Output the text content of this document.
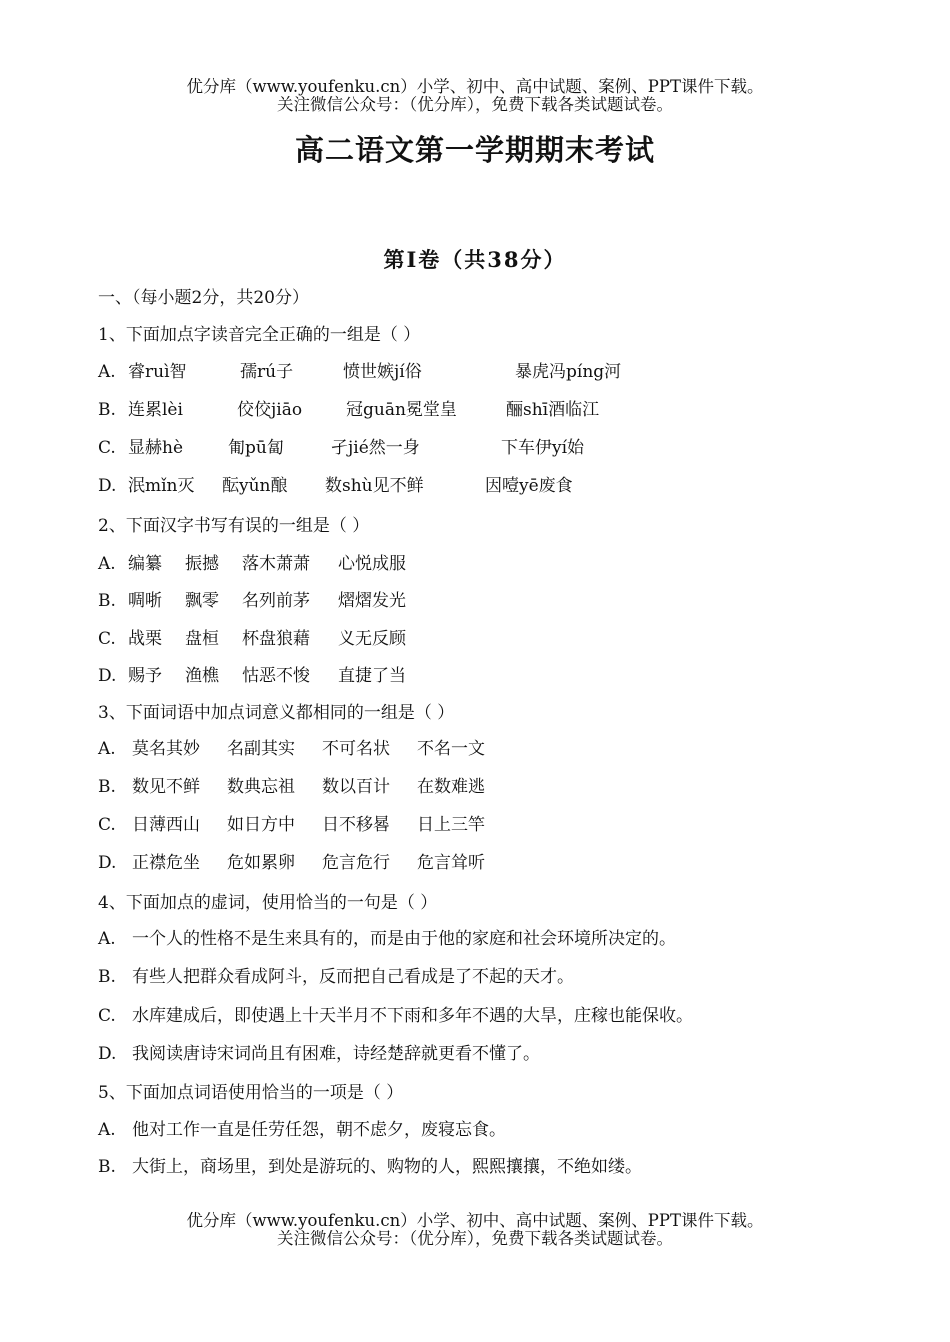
优分库（www.youfenku.cn）小学、初中、高中试题、案例、PPT课件下载。

关注微信公众号：（优分库），免费下载各类试题试卷。

高二语文第一学期期末考试
第Ⅰ卷（共38分）
一、（每小题2分，共20分）
1、下面加点字读音完全正确的一组是（ ）
A. 睿ruì智	孺rú子	愤世嫉jí俗	暴虎冯píng河
B. 连累lèi	佼佼jiāo	冠guān冕堂皇	酾shī酒临江
C. 显赫hè	匍pū匐	孑jié然一身	下车伊yí始
D. 泯mǐn灭 酝yǔn酿 数shù见不鲜	因噎yē废食
2、下面汉字书写有误的一组是（ ）
A. 编纂 振撼 落木萧萧 心悦成服
B. 啁哳 飘零 名列前茅 熠熠发光
C. 战栗 盘桓 杯盘狼藉 义无反顾
D. 赐予 渔樵 怙恶不悛 直捷了当
3、下面词语中加点词意义都相同的一组是（ ）
A. 莫名其妙 名副其实 不可名状 不名一文
B. 数见不鲜 数典忘祖 数以百计 在数难逃
C. 日薄西山 如日方中 日不移晷 日上三竿
D. 正襟危坐 危如累卵 危言危行 危言耸听
4、下面加点的虚词，使用恰当的一句是（ ）
A. 一个人的性格不是生来具有的，而是由于他的家庭和社会环境所决定的。
B. 有些人把群众看成阿斗，反而把自己看成是了不起的天才。
C. 水库建成后，即使遇上十天半月不下雨和多年不遇的大旱，庄稼也能保收。
D. 我阅读唐诗宋词尚且有困难，诗经楚辞就更看不懂了。
5、下面加点词语使用恰当的一项是（ ）
A. 他对工作一直是任劳任怨，朝不虑夕，废寝忘食。
B. 大街上，商场里，到处是游玩的、购物的人，熙熙攘攘，不绝如缕。

优分库（www.youfenku.cn）小学、初中、高中试题、案例、PPT课件下载。

关注微信公众号：（优分库），免费下载各类试题试卷。
